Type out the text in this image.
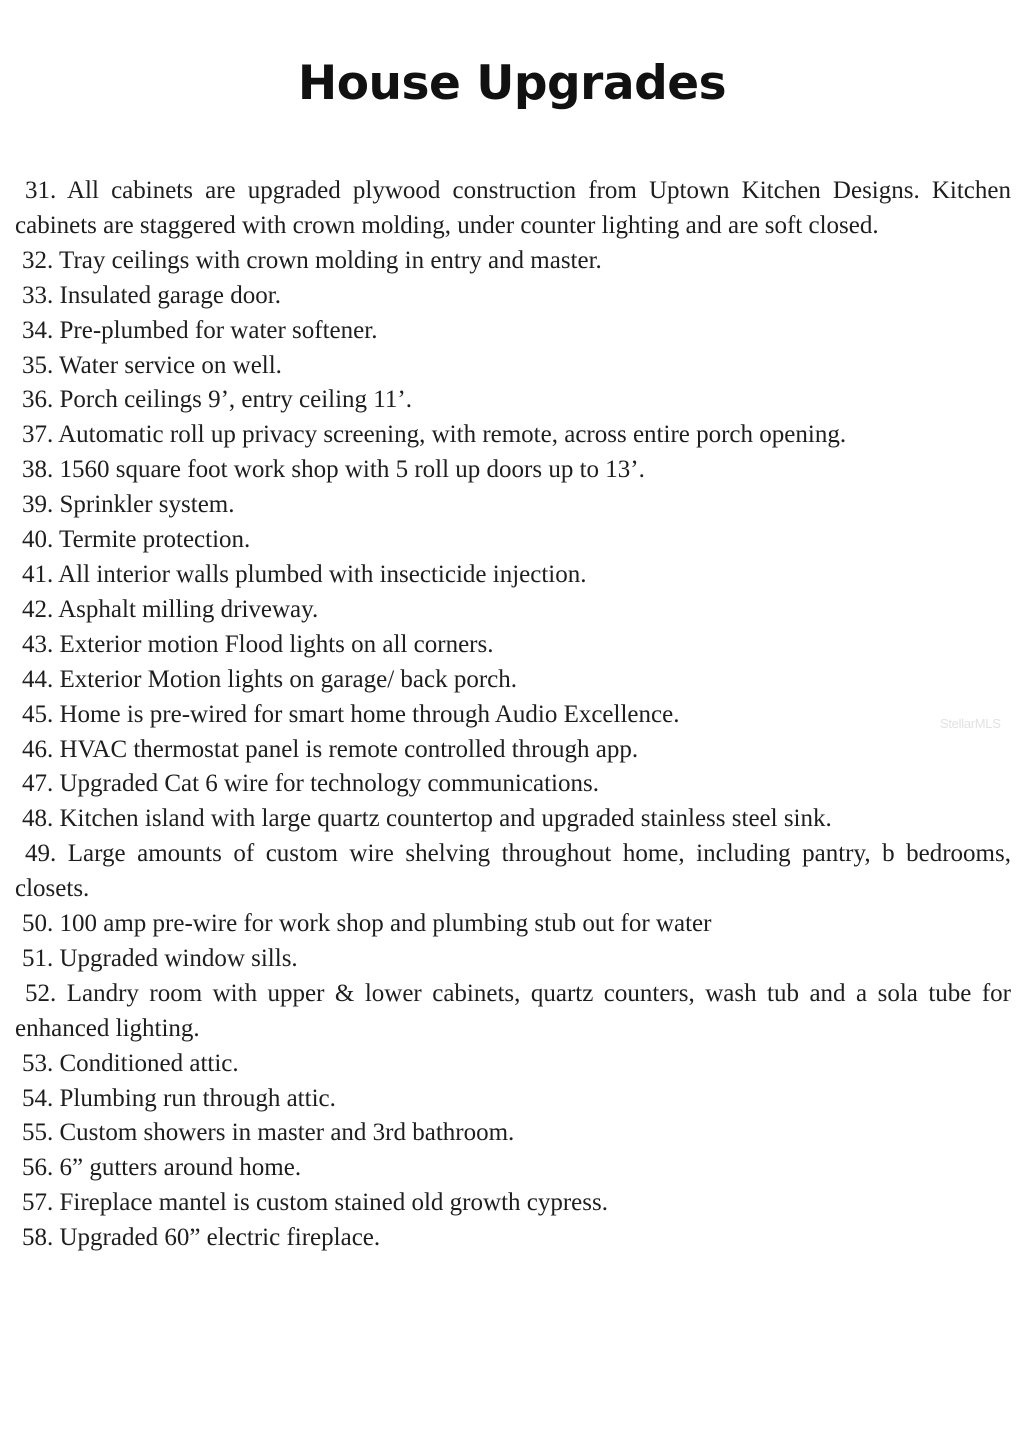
House Upgrades
31. All cabinets are upgraded plywood construction from Uptown Kitchen Designs. Kitchen cabinets are staggered with crown molding, under counter lighting and are soft closed.
32. Tray ceilings with crown molding in entry and master.
33. Insulated garage door.
34. Pre-plumbed for water softener.
35. Water service on well.
36. Porch ceilings 9’, entry ceiling 11’.
37. Automatic roll up privacy screening, with remote, across entire porch opening.
38. 1560 square foot work shop with 5 roll up doors up to 13’.
39. Sprinkler system.
40. Termite protection.
41. All interior walls plumbed with insecticide injection.
42. Asphalt milling driveway.
43. Exterior motion Flood lights on all corners.
44. Exterior Motion lights on garage/ back porch.
45. Home is pre-wired for smart home through Audio Excellence.
46. HVAC thermostat panel is remote controlled through app.
47. Upgraded Cat 6 wire for technology communications.
48. Kitchen island with large quartz countertop and upgraded stainless steel sink.
49. Large amounts of custom wire shelving throughout home, including pantry, b bedrooms, closets.
50. 100 amp pre-wire for work shop and plumbing stub out for water
51. Upgraded window sills.
52. Landry room with upper & lower cabinets, quartz counters, wash tub and a sola tube for enhanced lighting.
53. Conditioned attic.
54. Plumbing run through attic.
55. Custom showers in master and 3rd bathroom.
56. 6” gutters around home.
57. Fireplace mantel is custom stained old growth cypress.
58. Upgraded 60” electric fireplace.
StellarMLS
